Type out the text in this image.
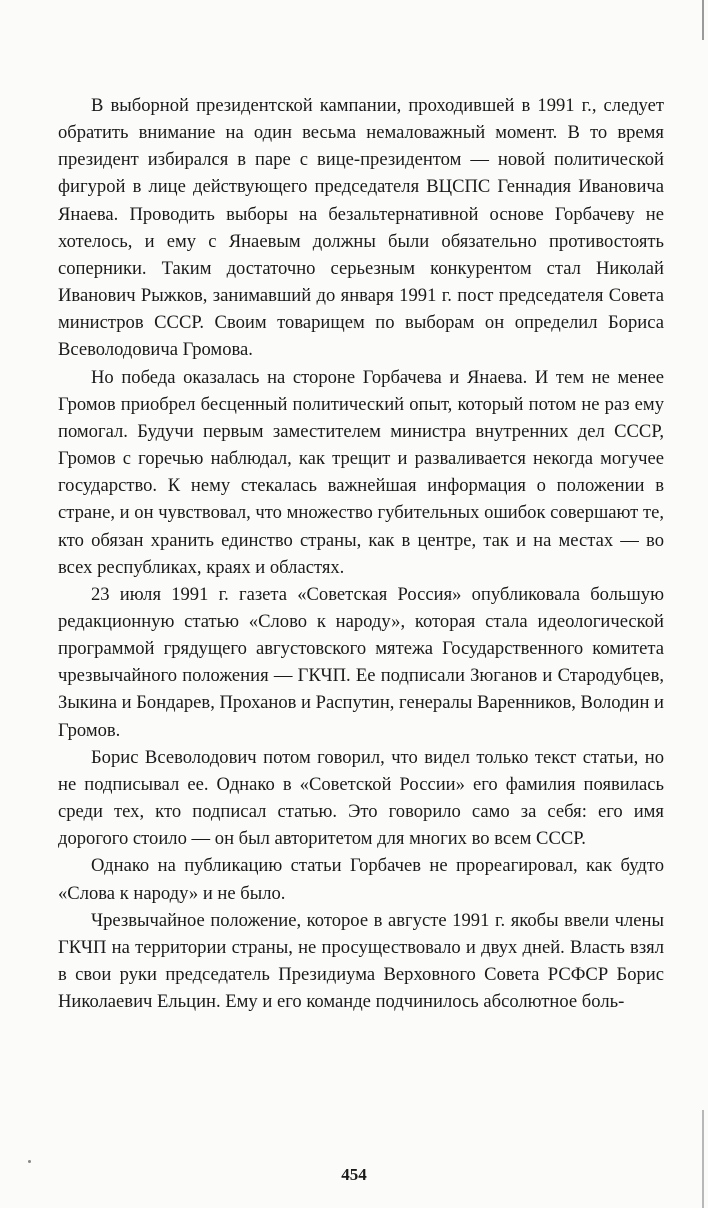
В выборной президентской кампании, проходившей в 1991 г., следует обратить внимание на один весьма немаловажный момент. В то время президент избирался в паре с вице-президентом — новой политической фигурой в лице действующего председателя ВЦСПС Геннадия Ивановича Янаева. Проводить выборы на безальтернативной основе Горбачеву не хотелось, и ему с Янаевым должны были обязательно противостоять соперники. Таким достаточно серьезным конкурентом стал Николай Иванович Рыжков, занимавший до января 1991 г. пост председателя Совета министров СССР. Своим товарищем по выборам он определил Бориса Всеволодовича Громова.

Но победа оказалась на стороне Горбачева и Янаева. И тем не менее Громов приобрел бесценный политический опыт, который потом не раз ему помогал. Будучи первым заместителем министра внутренних дел СССР, Громов с горечью наблюдал, как трещит и разваливается некогда могучее государство. К нему стекалась важнейшая информация о положении в стране, и он чувствовал, что множество губительных ошибок совершают те, кто обязан хранить единство страны, как в центре, так и на местах — во всех республиках, краях и областях.

23 июля 1991 г. газета «Советская Россия» опубликовала большую редакционную статью «Слово к народу», которая стала идеологической программой грядущего августовского мятежа Государственного комитета чрезвычайного положения — ГКЧП. Ее подписали Зюганов и Стародубцев, Зыкина и Бондарев, Проханов и Распутин, генералы Варенников, Володин и Громов.

Борис Всеволодович потом говорил, что видел только текст статьи, но не подписывал ее. Однако в «Советской России» его фамилия появилась среди тех, кто подписал статью. Это говорило само за себя: его имя дорогого стоило — он был авторитетом для многих во всем СССР.

Однако на публикацию статьи Горбачев не прореагировал, как будто «Слова к народу» и не было.

Чрезвычайное положение, которое в августе 1991 г. якобы ввели члены ГКЧП на территории страны, не просуществовало и двух дней. Власть взял в свои руки председатель Президиума Верховного Совета РСФСР Борис Николаевич Ельцин. Ему и его команде подчинилось абсолютное боль-

454
